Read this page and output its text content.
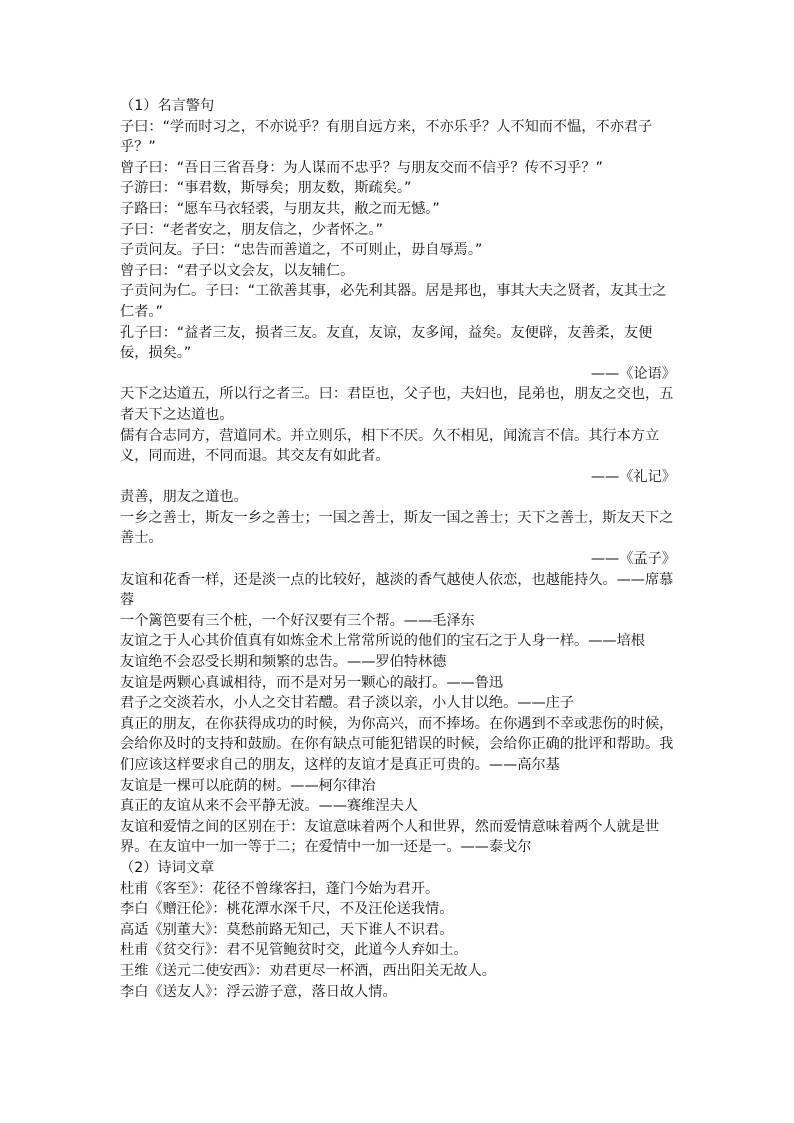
（1）名言警句

子曰：“学而时习之，不亦说乎？有朋自远方来，不亦乐乎？人不知而不愠，不亦君子乎？”

曾子曰：“吾日三省吾身：为人谋而不忠乎？与朋友交而不信乎？传不习乎？”

子游曰：“事君数，斯辱矣；朋友数，斯疏矣。”

子路曰：“愿车马衣轻裘，与朋友共，敝之而无憾。”

子曰：“老者安之，朋友信之，少者怀之。”

子贡问友。子曰：“忠告而善道之，不可则止，毋自辱焉。”

曾子曰：“君子以文会友，以友辅仁。

子贡问为仁。子曰：“工欲善其事，必先利其器。居是邦也，事其大夫之贤者，友其士之仁者。”

孔子曰：“益者三友，损者三友。友直，友谅，友多闻，益矣。友便辟，友善柔，友便佞，损矣。”

——《论语》

天下之达道五，所以行之者三。曰：君臣也，父子也，夫妇也，昆弟也，朋友之交也，五者天下之达道也。

儒有合志同方，营道同术。并立则乐，相下不厌。久不相见，闻流言不信。其行本方立义，同而进，不同而退。其交友有如此者。

——《礼记》

责善，朋友之道也。

一乡之善士，斯友一乡之善士；一国之善士，斯友一国之善士；天下之善士，斯友天下之善士。

——《孟子》

友谊和花香一样，还是淡一点的比较好，越淡的香气越使人依恋，也越能持久。——席慕蓉

一个篱笆要有三个桩，一个好汉要有三个帮。——毛泽东

友谊之于人心其价值真有如炼金术上常常所说的他们的宝石之于人身一样。——培根

友谊绝不会忍受长期和频繁的忠告。——罗伯特林德

友谊是两颗心真诚相待，而不是对另一颗心的敲打。——鲁迅

君子之交淡若水，小人之交甘若醴。君子淡以亲，小人甘以绝。——庄子

真正的朋友，在你获得成功的时候，为你高兴，而不捧场。在你遇到不幸或悲伤的时候，会给你及时的支持和鼓励。在你有缺点可能犯错误的时候，会给你正确的批评和帮助。我们应该这样要求自己的朋友，这样的友谊才是真正可贵的。——高尔基

友谊是一棵可以庇荫的树。——柯尔律治

真正的友谊从来不会平静无波。——赛维涅夫人

友谊和爱情之间的区别在于：友谊意味着两个人和世界，然而爱情意味着两个人就是世界。在友谊中一加一等于二；在爱情中一加一还是一。——泰戈尔

（2）诗词文章

杜甫《客至》：花径不曾缘客扫，蓬门今始为君开。

李白《赠汪伦》：桃花潭水深千尺，不及汪伦送我情。

高适《别董大》：莫愁前路无知己，天下谁人不识君。

杜甫《贫交行》：君不见管鲍贫时交，此道今人弃如土。

王维《送元二使安西》：劝君更尽一杯酒，西出阳关无故人。

李白《送友人》：浮云游子意，落日故人情。
